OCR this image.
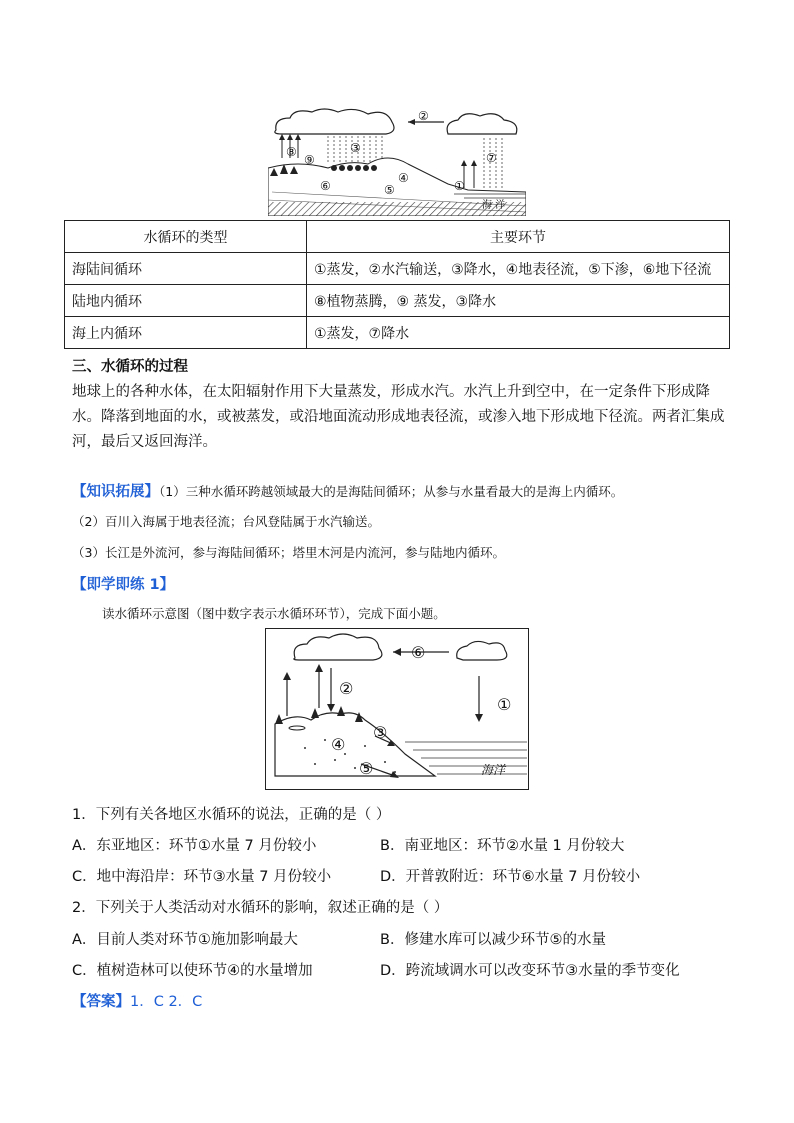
②
③
⑦
⑧
⑨
⑥
④
⑤	①
海 洋
水循环的类型	主要环节
海陆间循环	①蒸发，②水汽输送，③降水，④地表径流，⑤下渗，⑥地下径流
陆地内循环	⑧植物蒸腾，⑨ 蒸发，③降水
海上内循环	①蒸发，⑦降水
三、水循环的过程
地球上的各种水体，在太阳辐射作用下大量蒸发，形成水汽。水汽上升到空中，在一定条件下形成降水。降落到地面的水，或被蒸发，或沿地面流动形成地表径流，或渗入地下形成地下径流。两者汇集成河，最后又返回海洋。
【知识拓展】（1）三种水循环跨越领域最大的是海陆间循环；从参与水量看最大的是海上内循环。
（2）百川入海属于地表径流；台风登陆属于水汽输送。
（3）长江是外流河，参与海陆间循环；塔里木河是内流河，参与陆地内循环。
【即学即练 1】
读水循环示意图（图中数字表示水循环环节），完成下面小题。
⑥
②
①
③
④
⑤	海洋
1．下列有关各地区水循环的说法，正确的是（ ）
A．东亚地区：环节①水量 7 月份较小	B．南亚地区：环节②水量 1 月份较大
C．地中海沿岸：环节③水量 7 月份较小	D．开普敦附近：环节⑥水量 7 月份较小
2．下列关于人类活动对水循环的影响，叙述正确的是（ ）
A．目前人类对环节①施加影响最大	B．修建水库可以减少环节⑤的水量
C．植树造林可以使环节④的水量增加	D．跨流域调水可以改变环节③水量的季节变化
【答案】1．C 2．C
